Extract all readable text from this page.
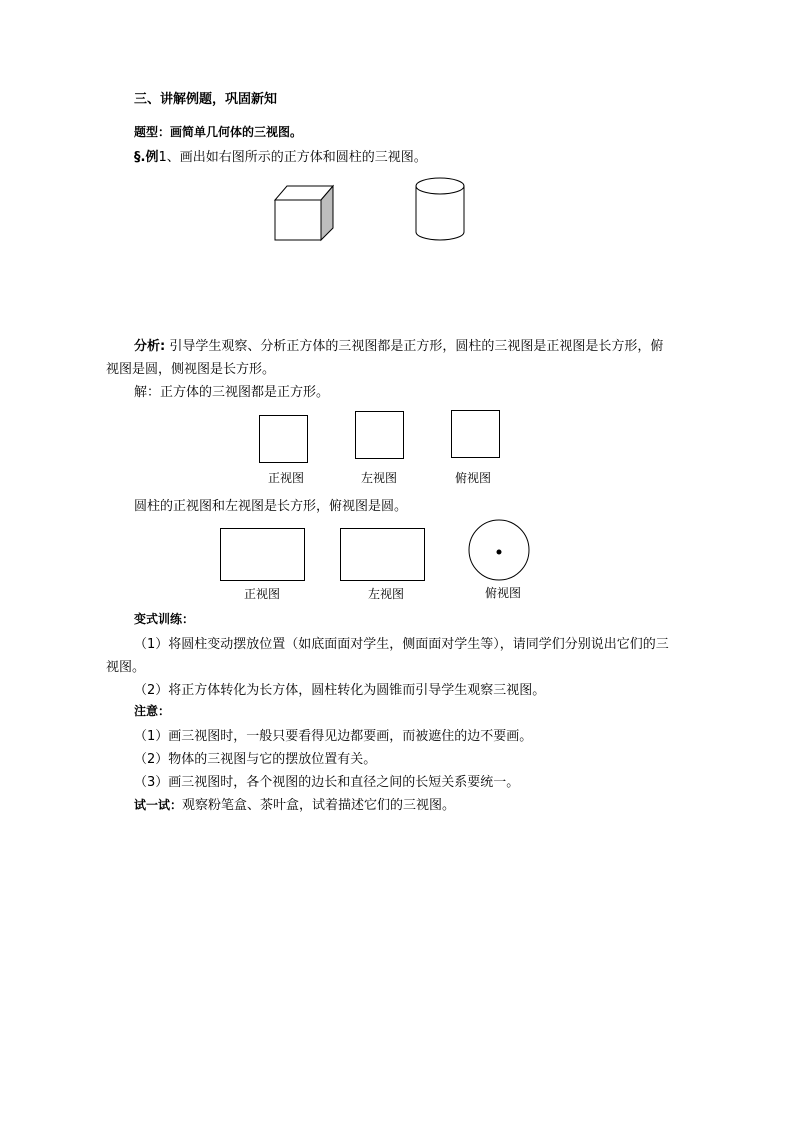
三、讲解例题，巩固新知
题型：画简单几何体的三视图。
§.例1、画出如右图所示的正方体和圆柱的三视图。
分析: 引导学生观察、分析正方体的三视图都是正方形，圆柱的三视图是正视图是长方形，俯
视图是圆，侧视图是长方形。
解：正方体的三视图都是正方形。
正视图	左视图	俯视图
圆柱的正视图和左视图是长方形，俯视图是圆。
正视图	左视图	俯视图
变式训练：
（1）将圆柱变动摆放位置（如底面面对学生，侧面面对学生等），请同学们分别说出它们的三
视图。
（2）将正方体转化为长方体，圆柱转化为圆锥而引导学生观察三视图。
注意：
（1）画三视图时，一般只要看得见边都要画，而被遮住的边不要画。
（2）物体的三视图与它的摆放位置有关。
（3）画三视图时，各个视图的边长和直径之间的长短关系要统一。
试一试：观察粉笔盒、茶叶盒，试着描述它们的三视图。
